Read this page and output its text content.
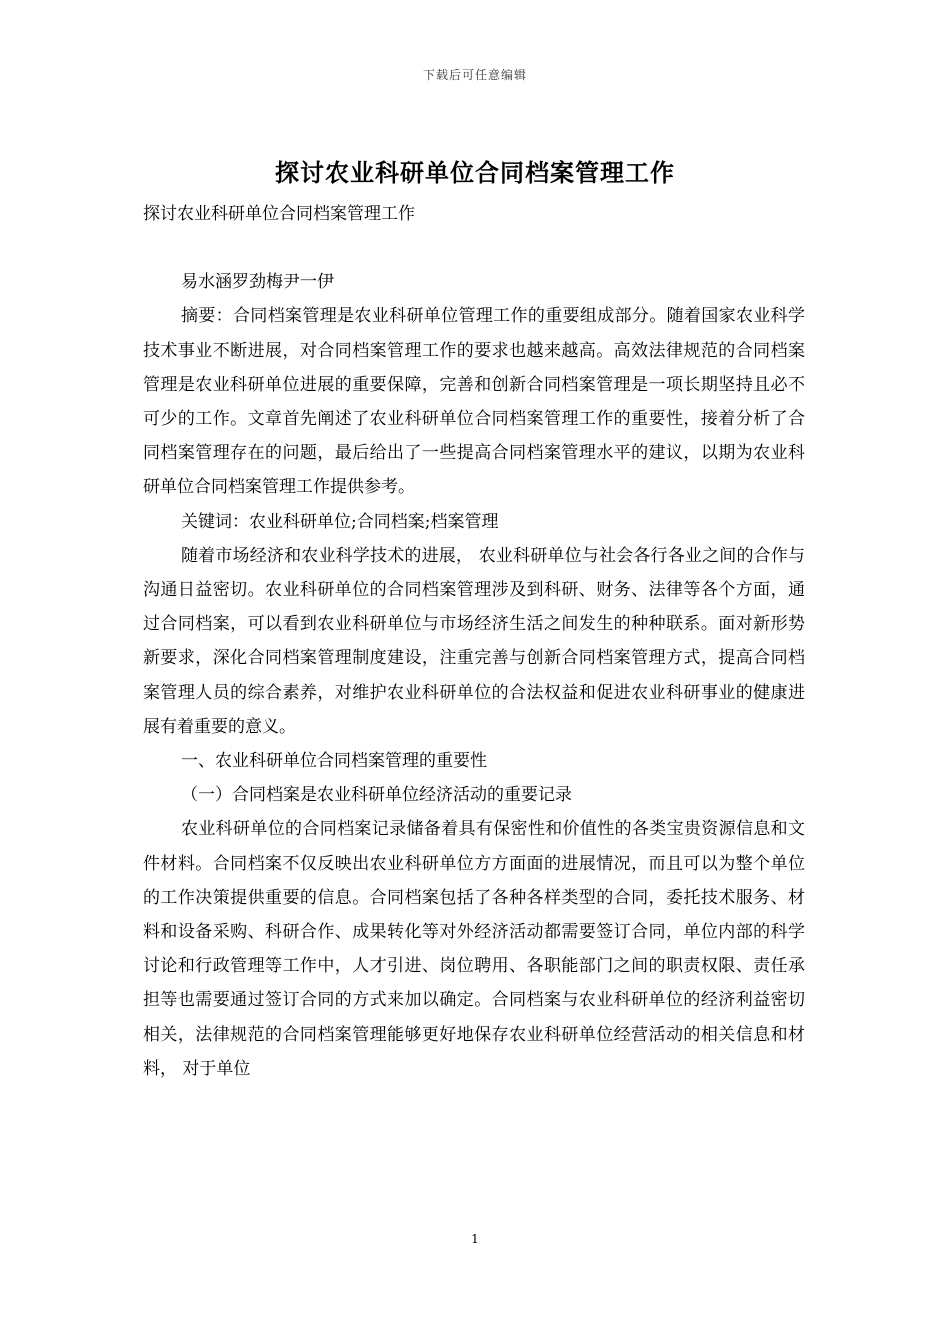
下载后可任意编辑
探讨农业科研单位合同档案管理工作

探讨农业科研单位合同档案管理工作

易水涵罗劲梅尹一伊

摘要：合同档案管理是农业科研单位管理工作的重要组成部分。随着国家农业科学技术事业不断进展，对合同档案管理工作的要求也越来越高。高效法律规范的合同档案管理是农业科研单位进展的重要保障，完善和创新合同档案管理是一项长期坚持且必不可少的工作。文章首先阐述了农业科研单位合同档案管理工作的重要性，接着分析了合同档案管理存在的问题，最后给出了一些提高合同档案管理水平的建议，以期为农业科研单位合同档案管理工作提供参考。

关键词：农业科研单位;合同档案;档案管理

随着市场经济和农业科学技术的进展， 农业科研单位与社会各行各业之间的合作与沟通日益密切。农业科研单位的合同档案管理涉及到科研、财务、法律等各个方面，通过合同档案，可以看到农业科研单位与市场经济生活之间发生的种种联系。面对新形势新要求，深化合同档案管理制度建设，注重完善与创新合同档案管理方式，提高合同档案管理人员的综合素养，对维护农业科研单位的合法权益和促进农业科研事业的健康进展有着重要的意义。

一、农业科研单位合同档案管理的重要性

（一）合同档案是农业科研单位经济活动的重要记录

农业科研单位的合同档案记录储备着具有保密性和价值性的各类宝贵资源信息和文件材料。合同档案不仅反映出农业科研单位方方面面的进展情况，而且可以为整个单位的工作决策提供重要的信息。合同档案包括了各种各样类型的合同，委托技术服务、材料和设备采购、科研合作、成果转化等对外经济活动都需要签订合同，单位内部的科学讨论和行政管理等工作中，人才引进、岗位聘用、各职能部门之间的职责权限、责任承担等也需要通过签订合同的方式来加以确定。合同档案与农业科研单位的经济利益密切相关，法律规范的合同档案管理能够更好地保存农业科研单位经营活动的相关信息和材料， 对于单位

1
